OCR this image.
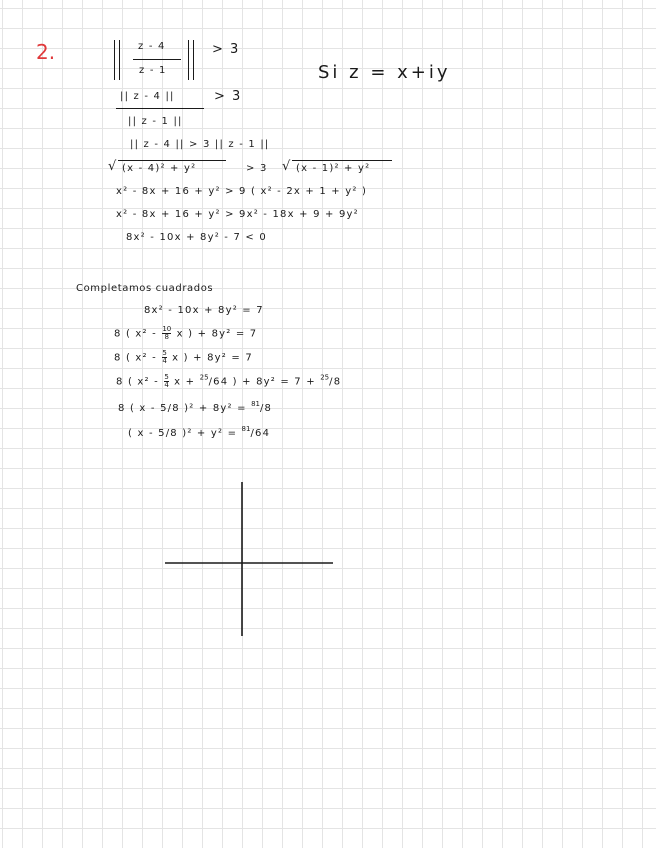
2.	z - 4
z - 1
> 3
Si z = x+iy
|| z - 4 ||	> 3
|| z - 1 ||
|| z - 4 || > 3 || z - 1 ||
√ (x - 4)² + y²	> 3 √ (x - 1)² + y²
x² - 8x + 16 + y² > 9 ( x² - 2x + 1 + y² )
x² - 8x + 16 + y² > 9x² - 18x + 9 + 9y²
8x² - 10x + 8y² - 7 < 0
Completamos cuadrados
8x² - 10x + 8y² = 7
8 ( $x^2 - \frac{10}{8}$ x ) + 8y² = 7
8 ( $x^2 - \frac{5}{4}$ x ) + 8y² = 7
8 ( $x^2 - \frac{5}{4}$ x + $^{25}$/64 ) + 8y² = 7 + $^{25}$/8
8 ( x - 5/8 )² + 8y² = $^{81}$/8
( x - 5/8 )² + y² = $^{81}$/64
